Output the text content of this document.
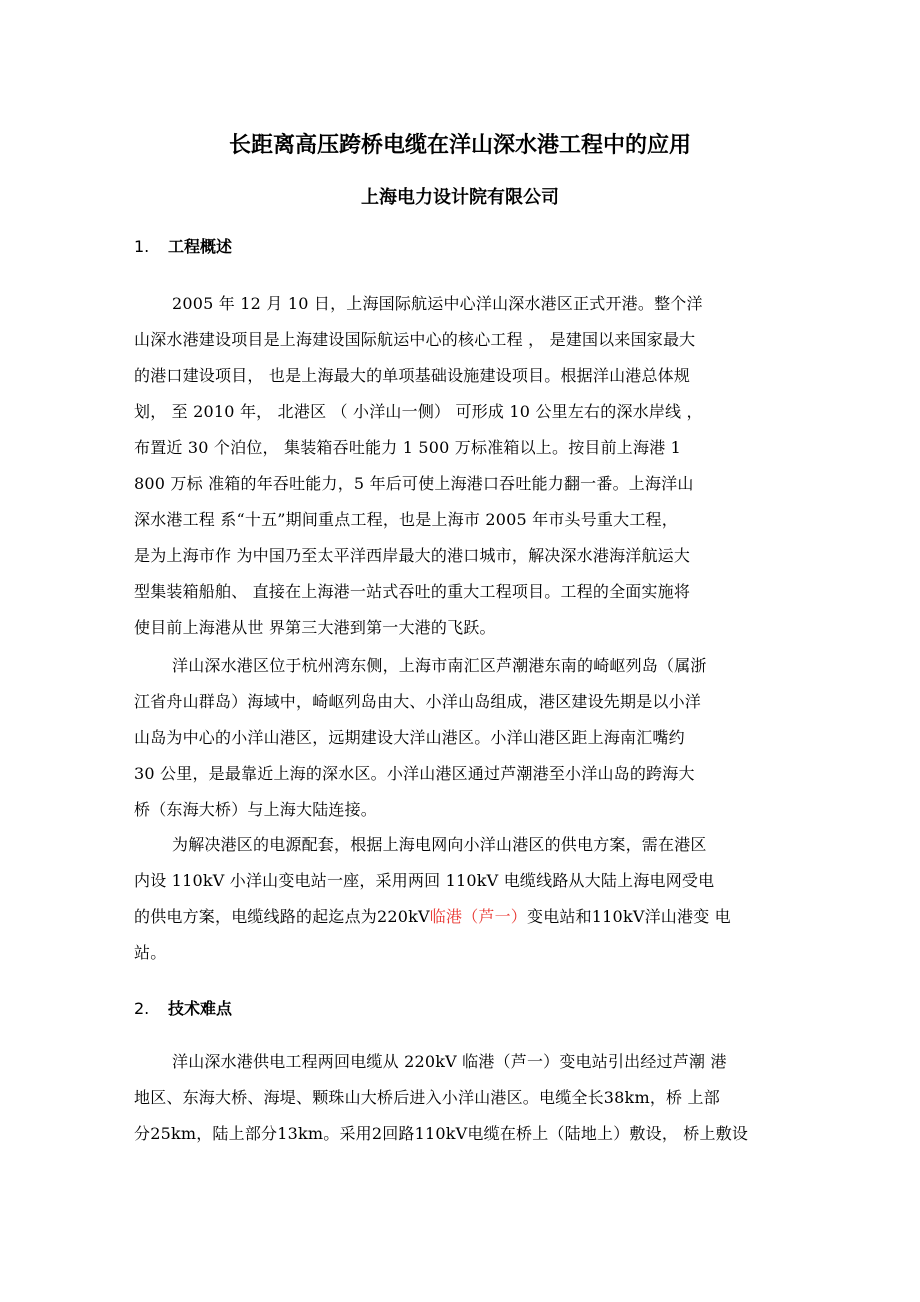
长距离高压跨桥电缆在洋山深水港工程中的应用
上海电力设计院有限公司
1. 工程概述
2005 年 12 月 10 日，上海国际航运中心洋山深水港区正式开港。整个洋
山深水港建设项目是上海建设国际航运中心的核心工程 ， 是建国以来国家最大
的港口建设项目， 也是上海最大的单项基础设施建设项目。根据洋山港总体规
划， 至 2010 年， 北港区 （ 小洋山一侧） 可形成 10 公里左右的深水岸线 ，
布置近 30 个泊位， 集装箱吞吐能力 1 500 万标准箱以上。按目前上海港 1
800 万标 准箱的年吞吐能力，5 年后可使上海港口吞吐能力翻一番。上海洋山
深水港工程 系“十五”期间重点工程，也是上海市 2005 年市头号重大工程，
是为上海市作 为中国乃至太平洋西岸最大的港口城市，解决深水港海洋航运大
型集装箱船舶、 直接在上海港一站式吞吐的重大工程项目。工程的全面实施将
使目前上海港从世 界第三大港到第一大港的飞跃。
洋山深水港区位于杭州湾东侧，上海市南汇区芦潮港东南的崎岖列岛（属浙
江省舟山群岛）海域中，崎岖列岛由大、小洋山岛组成，港区建设先期是以小洋
山岛为中心的小洋山港区，远期建设大洋山港区。小洋山港区距上海南汇嘴约
30 公里，是最靠近上海的深水区。小洋山港区通过芦潮港至小洋山岛的跨海大
桥（东海大桥）与上海大陆连接。
为解决港区的电源配套，根据上海电网向小洋山港区的供电方案，需在港区
内设 110kV 小洋山变电站一座，采用两回 110kV 电缆线路从大陆上海电网受电
的供电方案，电缆线路的起迄点为220kV临港（芦一）变电站和110kV洋山港变 电
站。
2. 技术难点
洋山深水港供电工程两回电缆从 220kV 临港（芦一）变电站引出经过芦潮 港
地区、东海大桥、海堤、颗珠山大桥后进入小洋山港区。电缆全长38km，桥 上部
分25km，陆上部分13km。采用2回路110kV电缆在桥上（陆地上）敷设， 桥上敷设
